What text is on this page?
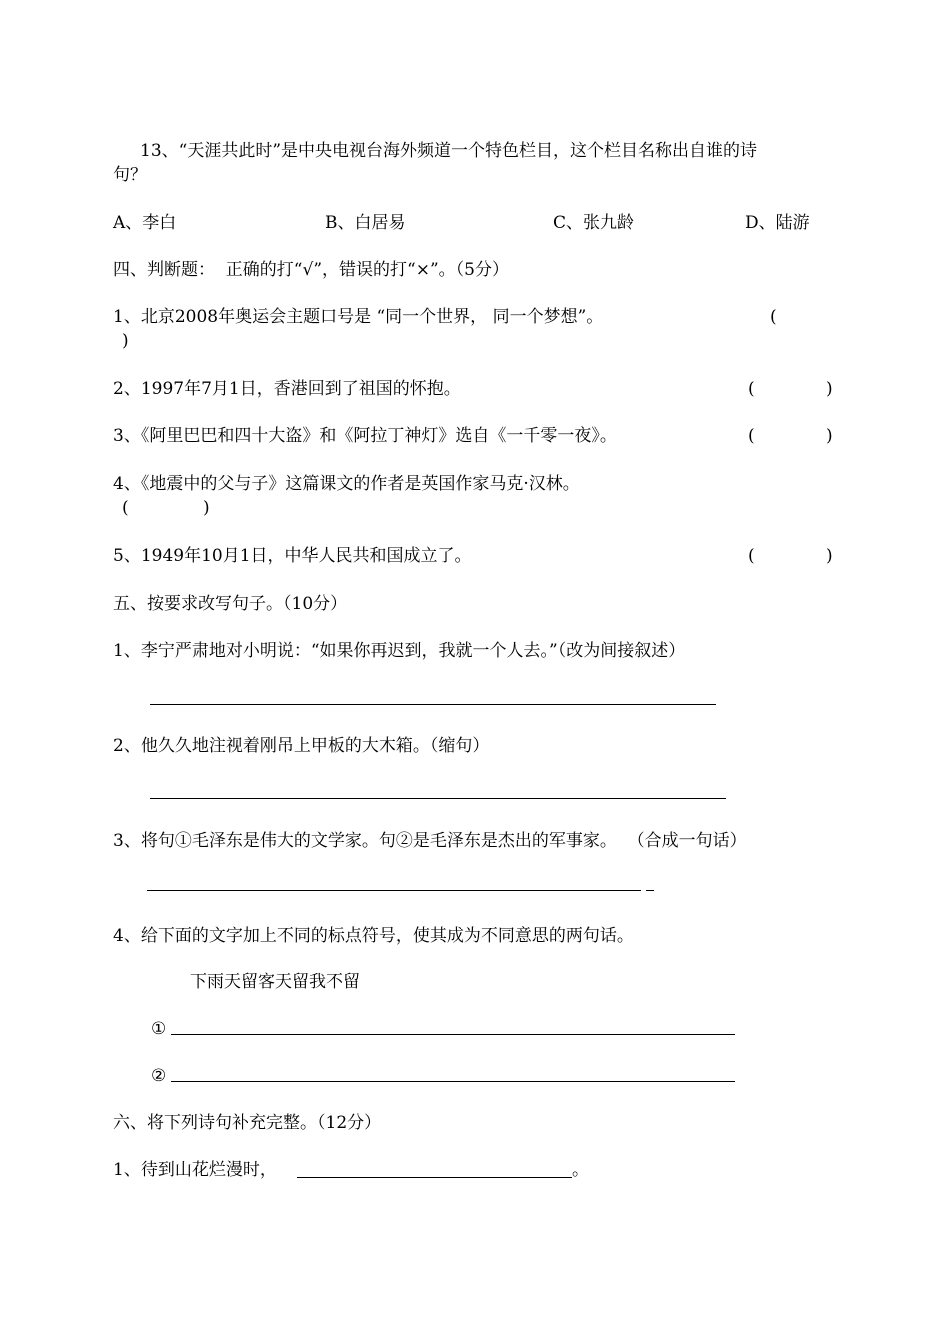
13、“天涯共此时”是中央电视台海外频道一个特色栏目，这个栏目名称出自谁的诗
句？
A、李白	B、白居易	C、张九龄	D、陆游
四、判断题：  正确的打“√”，错误的打“×”。（5分）
1、北京2008年奥运会主题口号是 “同一个世界， 同一个梦想”。	(
)
2、1997年7月1日，香港回到了祖国的怀抱。	(	)
3、《阿里巴巴和四十大盗》和《阿拉丁神灯》选自《一千零一夜》。	(	)
4、《地震中的父与子》这篇课文的作者是英国作家马克·汉林。
(	)
5、1949年10月1日，中华人民共和国成立了。	(	)
五、按要求改写句子。（10分）
1、李宁严肃地对小明说：“如果你再迟到，我就一个人去。”（改为间接叙述）
2、他久久地注视着刚吊上甲板的大木箱。（缩句）
3、将句①毛泽东是伟大的文学家。句②是毛泽东是杰出的军事家。  （合成一句话）
4、给下面的文字加上不同的标点符号，使其成为不同意思的两句话。
下雨天留客天留我不留
①
②
六、将下列诗句补充完整。（12分）
1、待到山花烂漫时，	。
